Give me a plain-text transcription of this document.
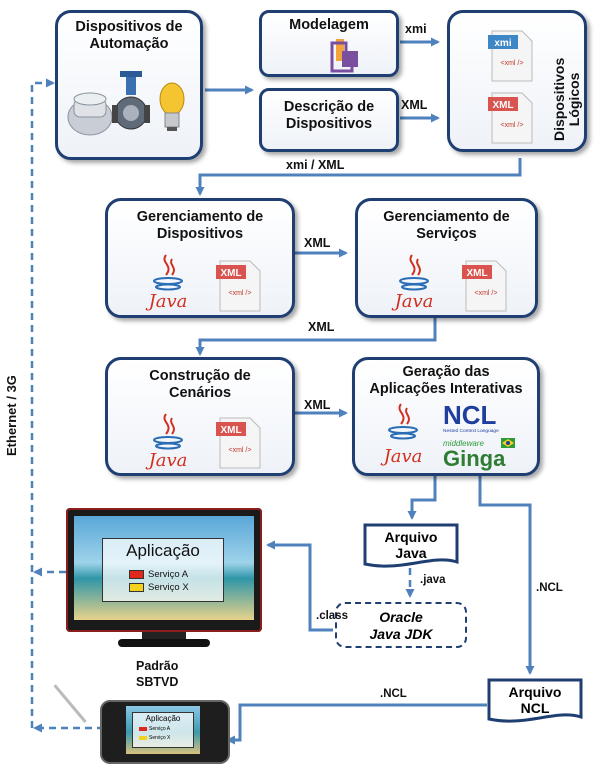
Dispositivos de
Automação
Modelagem
Descrição de
Dispositivos
xmi
<xml />
XML
<xml /> Dispositivos
Lógicos
Gerenciamento de
Dispositivos
Java
XML
<xml />
Gerenciamento de
Serviços
Java
XML
<xml />
Construção de
Cenários
Java
XML
<xml />
Geração das
Aplicações Interativas
Java
NCL
Nested Context Language
middleware
Ginga
Arquivo
Java
Oracle
Java JDK
Arquivo
NCL
xmi
XML
xmi / XML
XML
XML
XML
.java
.class
.NCL
.NCL
Padrão
SBTVD
Ethernet / 3G
Aplicação
Serviço A
Serviço X
Aplicação
Serviço A
Serviço X
